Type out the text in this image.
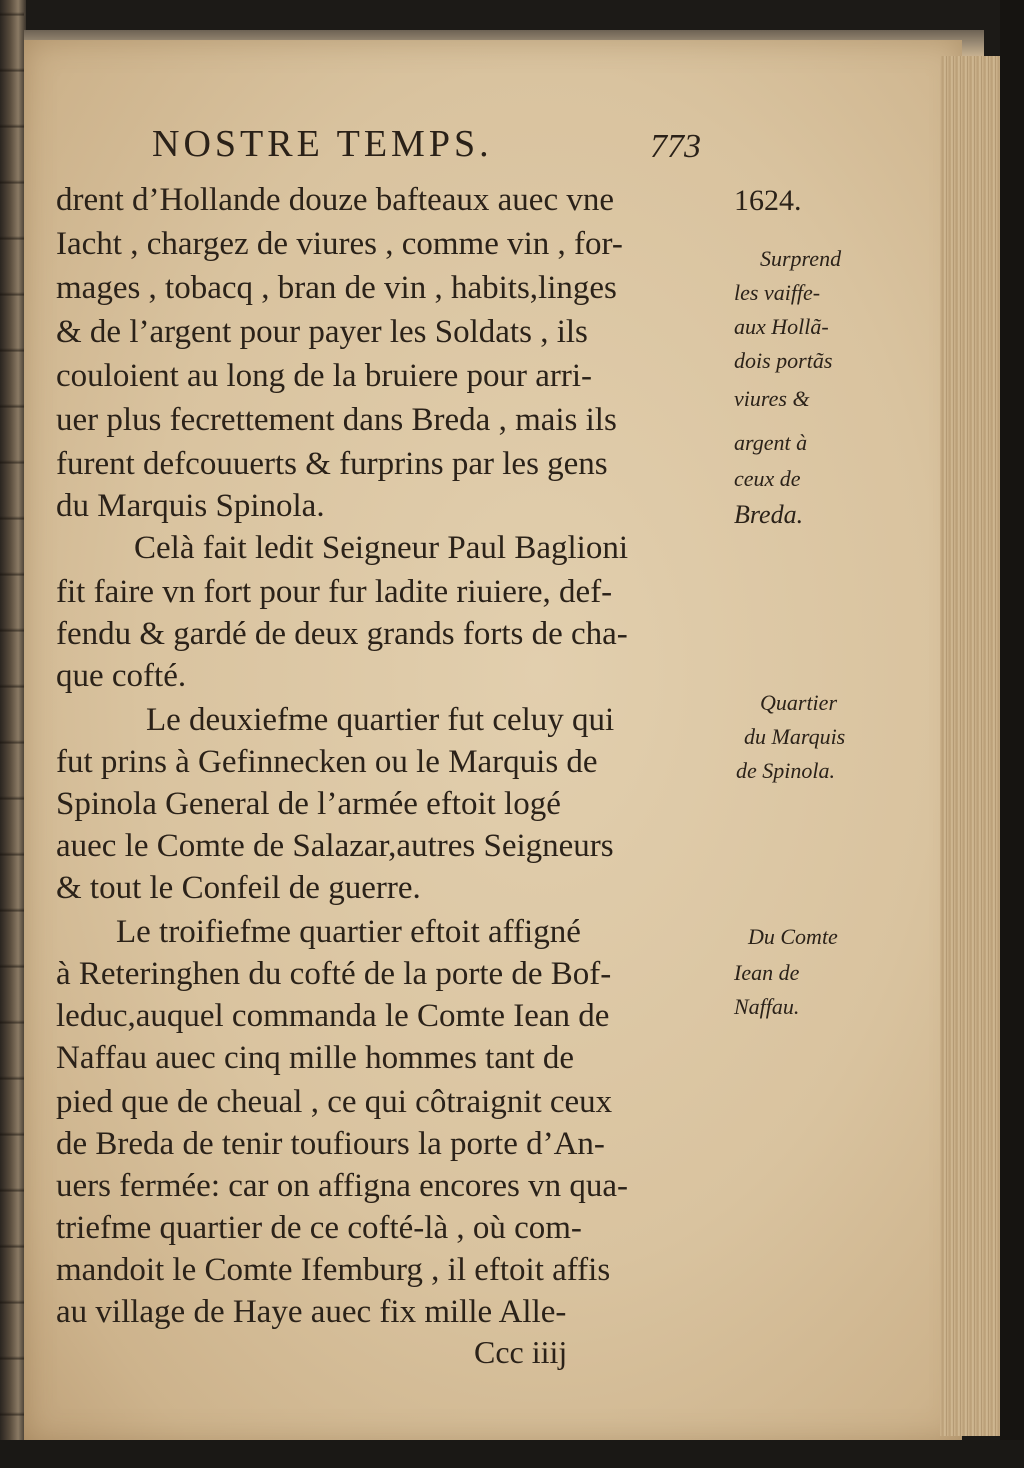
NOSTRE TEMPS.	773
drent d’Hollande douze bafteaux auec vne
Iacht , chargez de viures , comme vin , for-
mages , tobacq , bran de vin , habits,linges
& de l’argent pour payer les Soldats , ils
couloient au long de la bruiere pour arri-
uer plus fecrettement dans Breda , mais ils
furent defcouuerts & furprins par les gens
du Marquis Spinola.
Celà fait ledit Seigneur Paul Baglioni
fit faire vn fort pour fur ladite riuiere, def-
fendu & gardé de deux grands forts de cha-
que cofté.
Le deuxiefme quartier fut celuy qui
fut prins à Gefinnecken ou le Marquis de
Spinola General de l’armée eftoit logé
auec le Comte de Salazar,autres Seigneurs
& tout le Confeil de guerre.
Le troifiefme quartier eftoit affigné
à Reteringhen du cofté de la porte de Bof-
leduc,auquel commanda le Comte Iean de
Naffau auec cinq mille hommes tant de
pied que de cheual , ce qui côtraignit ceux
de Breda de tenir toufiours la porte d’An-
uers fermée: car on affigna encores vn qua-
triefme quartier de ce cofté-là , où com-
mandoit le Comte Ifemburg , il eftoit affis
au village de Haye auec fix mille Alle-
1624.
Surprend
les vaiffe-
aux Hollã-
dois portãs
viures &
argent à
ceux de
Breda.
Quartier
du Marquis
de Spinola.
Du Comte
Iean de
Naffau.
Ccc iiij
